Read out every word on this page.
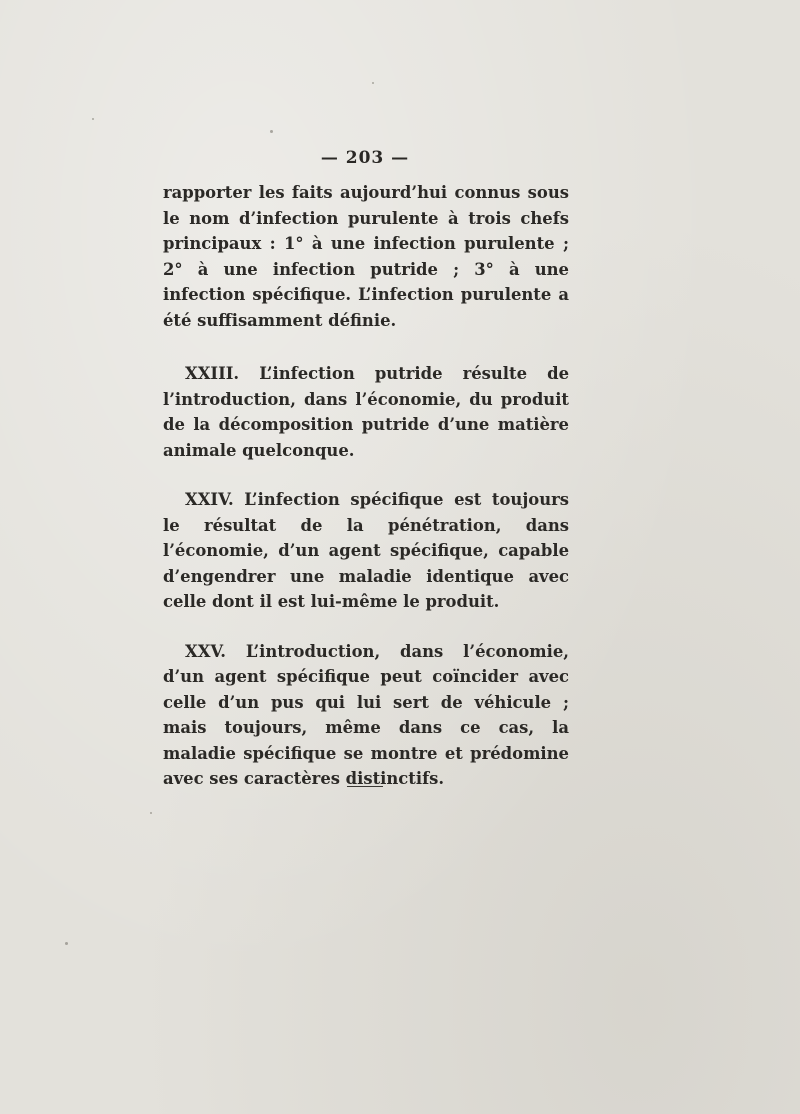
— 203 —

rapporter les faits aujourd’hui connus sous le nom d’infection purulente à trois chefs principaux : 1° à une infection purulente ; 2° à une infection putride ; 3° à une infection spécifique. L’infection purulente a été suffisamment définie.

XXIII. L’infection putride résulte de l’introduction, dans l’économie, du produit de la décomposition putride d’une matière animale quelconque.

XXIV. L’infection spécifique est toujours le résultat de la pénétration, dans l’économie, d’un agent spécifique, capable d’engendrer une maladie identique avec celle dont il est lui-même le produit.

XXV. L’introduction, dans l’économie, d’un agent spécifique peut coïncider avec celle d’un pus qui lui sert de véhicule ; mais toujours, même dans ce cas, la maladie spécifique se montre et prédomine avec ses caractères distinctifs.
